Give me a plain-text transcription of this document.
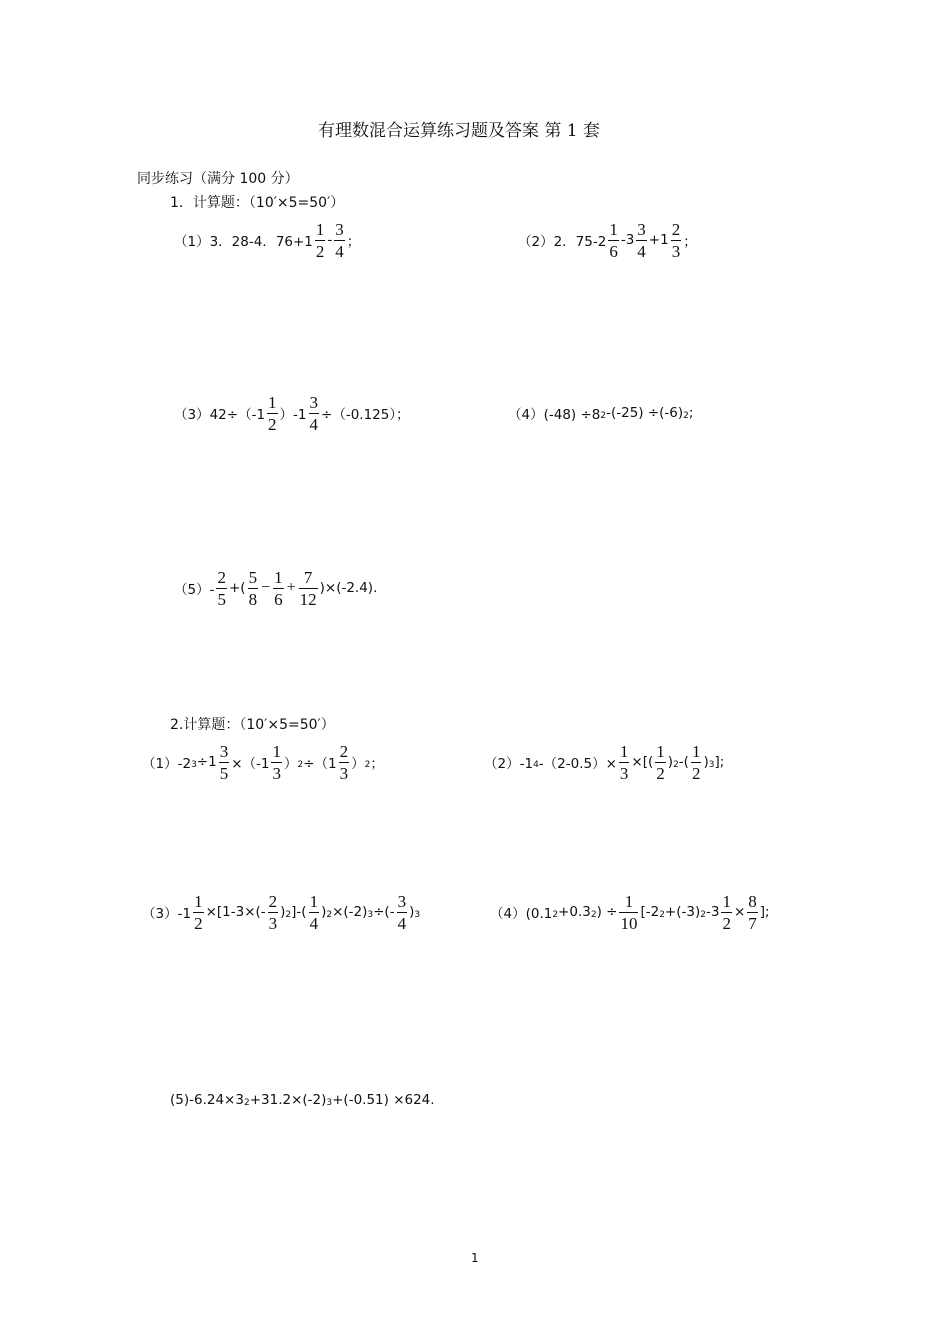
有理数混合运算练习题及答案 第 1 套
同步练习（满分 100 分）
1．计算题：（10′×5=50′）
（1）3．28-4．$76+1 \frac{1}{2} - \frac{3}{4}$ ；	（2）2．$75-2 \frac{1}{6} -3 \frac{3}{4} +1 \frac{2}{3}$ ；
$(3)42\div(-1 \frac{1}{2} )-1 \frac{3}{4} \div(-0.125)$；	（4）(-48) ÷8 2 -(-25) ÷(-6) 2 ;
$(5)- \frac{2}{5}$ +( $\frac{5}{8} - \frac{1}{6} + \frac{7}{12} )\times(-2.4)$.
2.计算题：（10′×5=50′）
（1）-2 $3 \div 1 \frac{3}{5} \times(-1 \frac{1}{3}$ ） $2 \div(1 \frac{2}{3}$ ） 2 ；	（2）-1 4 $-(2-0.5)\times \frac{1}{3}$ ×[( $\frac{1}{2}$ ) 2 -( $\frac{1}{2}$ ) 3 ];
$(3)-1 \frac{1}{2} \times[1-3\times(- \frac{2}{3}$ ) 2 ]-( $\frac{1}{4}$ ) 2 ×(-2) 3 ÷(- $\frac{3}{4}$ ) 3	（4）(0.1 2 +0.3 2 ) ÷ $\frac{1}{10} [-2$ 2 +(-3) 2 $-3 \frac{1}{2} \times \frac{8}{7}$ ];
(5)-6.24×3 2 +31.2×(-2) 3 +(-0.51) ×624.
1
